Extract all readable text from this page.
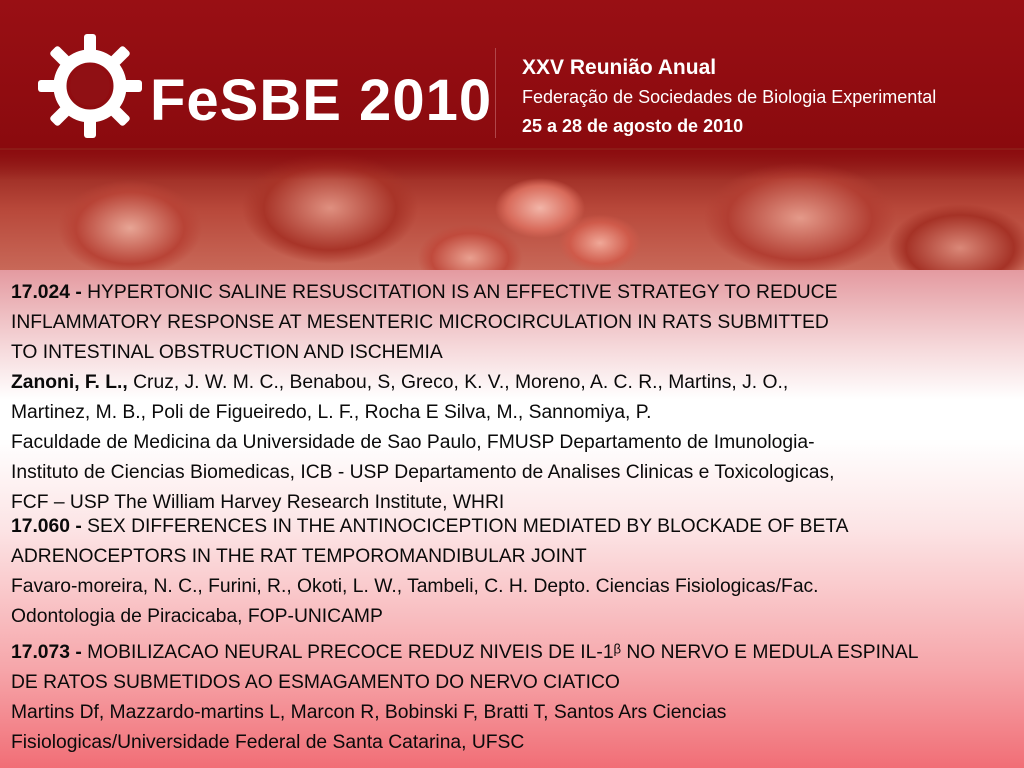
FeSBE 2010
XXV Reunião Anual
Federação de Sociedades de Biologia Experimental
25 a 28 de agosto de 2010

17.024 - HYPERTONIC SALINE RESUSCITATION IS AN EFFECTIVE STRATEGY TO REDUCE

INFLAMMATORY RESPONSE AT MESENTERIC MICROCIRCULATION IN RATS SUBMITTED

TO INTESTINAL OBSTRUCTION AND ISCHEMIA

Zanoni, F. L., Cruz, J. W. M. C., Benabou, S, Greco, K. V., Moreno, A. C. R., Martins, J. O.,

Martinez, M. B., Poli de Figueiredo, L. F., Rocha E Silva, M., Sannomiya, P.

Faculdade de Medicina da Universidade de Sao Paulo, FMUSP Departamento de Imunologia-

Instituto de Ciencias Biomedicas, ICB - USP Departamento de Analises Clinicas e Toxicologicas,

FCF – USP The William Harvey Research Institute, WHRI

17.060 - SEX DIFFERENCES IN THE ANTINOCICEPTION MEDIATED BY BLOCKADE OF BETA

ADRENOCEPTORS IN THE RAT TEMPOROMANDIBULAR JOINT

Favaro-moreira, N. C., Furini, R., Okoti, L. W., Tambeli, C. H. Depto. Ciencias Fisiologicas/Fac.

Odontologia de Piracicaba, FOP-UNICAMP

17.073 - MOBILIZACAO NEURAL PRECOCE REDUZ NIVEIS DE IL-1ᵝ NO NERVO E MEDULA ESPINAL

DE RATOS SUBMETIDOS AO ESMAGAMENTO DO NERVO CIATICO

Martins Df, Mazzardo-martins L, Marcon R, Bobinski F, Bratti T, Santos Ars Ciencias

Fisiologicas/Universidade Federal de Santa Catarina, UFSC
